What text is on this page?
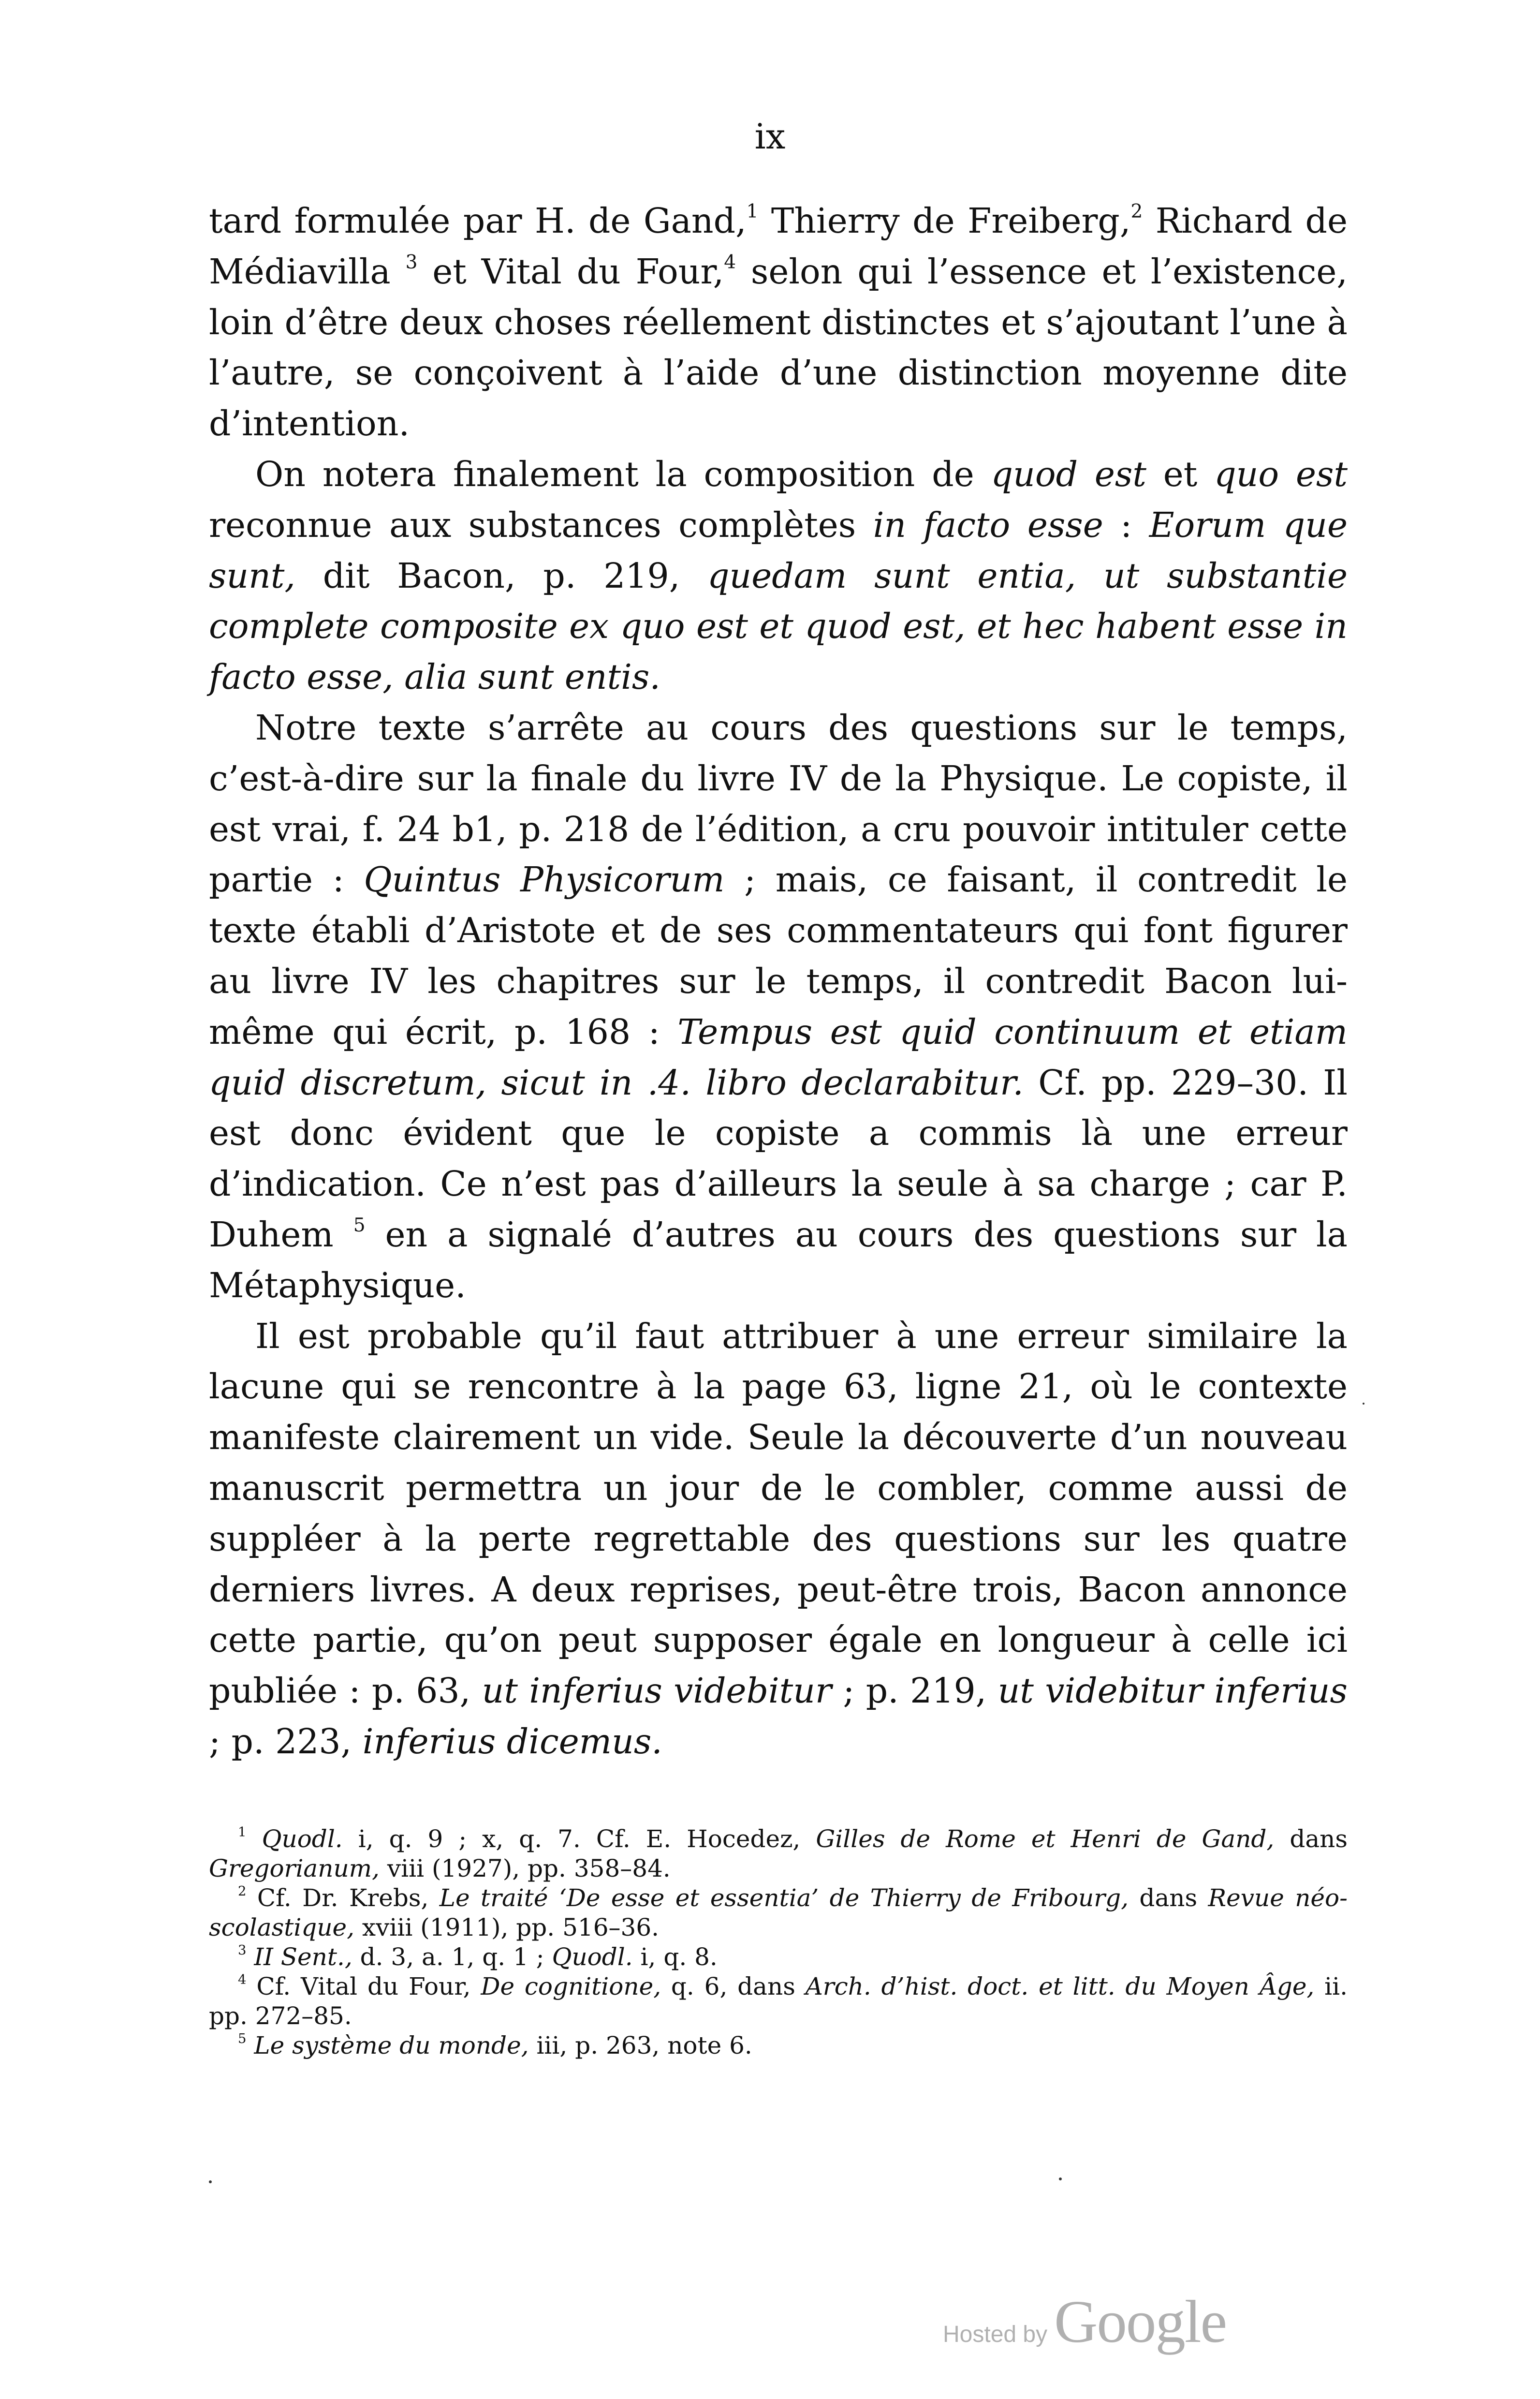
ix

tard formulée par H. de Gand,$^1$ Thierry de Freiberg,$^2$ Richard de Médiavilla $^3$ et Vital du Four,$^4$ selon qui l’essence et l’existence, loin d’être deux choses réellement distinctes et s’ajoutant l’une à l’autre, se conçoivent à l’aide d’une distinction moyenne dite d’intention.

On notera finalement la composition de quod est et quo est reconnue aux substances complètes in facto esse : Eorum que sunt, dit Bacon, p. 219, quedam sunt entia, ut substantie complete composite ex quo est et quod est, et hec habent esse in facto esse, alia sunt entis.

Notre texte s’arrête au cours des questions sur le temps, c’est-à-dire sur la finale du livre IV de la Physique. Le copiste, il est vrai, f. 24 b1, p. 218 de l’édition, a cru pouvoir intituler cette partie : Quintus Physicorum ; mais, ce faisant, il contredit le texte établi d’Aristote et de ses commentateurs qui font figurer au livre IV les chapitres sur le temps, il contredit Bacon lui-même qui écrit, p. 168 : Tempus est quid continuum et etiam quid discretum, sicut in .4. libro declarabitur. Cf. pp. 229–30. Il est donc évident que le copiste a commis là une erreur d’indication. Ce n’est pas d’ailleurs la seule à sa charge ; car P. Duhem $^5$ en a signalé d’autres au cours des questions sur la Métaphysique.

Il est probable qu’il faut attribuer à une erreur similaire la lacune qui se rencontre à la page 63, ligne 21, où le contexte manifeste clairement un vide. Seule la découverte d’un nouveau manuscrit permettra un jour de le combler, comme aussi de suppléer à la perte regrettable des questions sur les quatre derniers livres. A deux reprises, peut-être trois, Bacon annonce cette partie, qu’on peut supposer égale en longueur à celle ici publiée : p. 63, ut inferius videbitur ; p. 219, ut videbitur inferius ; p. 223, inferius dicemus.

$^1$ Quodl. i, q. 9 ; x, q. 7. Cf. E. Hocedez, Gilles de Rome et Henri de Gand, dans Gregorianum, viii (1927), pp. 358–84.

$^2$ Cf. Dr. Krebs, Le traité ‘De esse et essentia’ de Thierry de Fribourg, dans Revue néo-scolastique, xviii (1911), pp. 516–36.

$^3$ II Sent., d. 3, a. 1, q. 1 ; Quodl. i, q. 8.

$^4$ Cf. Vital du Four, De cognitione, q. 6, dans Arch. d’hist. doct. et litt. du Moyen Âge, ii. pp. 272–85.

$^5$ Le système du monde, iii, p. 263, note 6.

Hosted by Google
